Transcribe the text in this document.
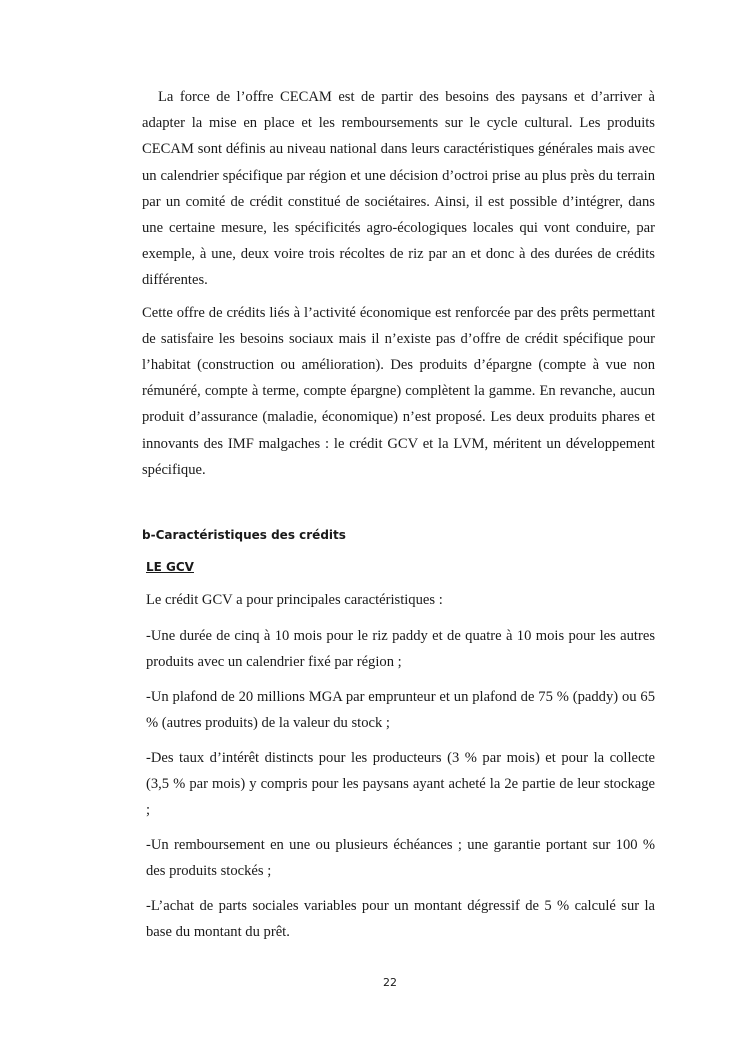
La force de l’offre CECAM est de partir des besoins des paysans et d’arriver à adapter la mise en place et les remboursements sur le cycle cultural. Les produits CECAM sont définis au niveau national dans leurs caractéristiques générales mais avec un calendrier spécifique par région et une décision d’octroi prise au plus près du terrain par un comité de crédit constitué de sociétaires. Ainsi, il est possible d’intégrer, dans une certaine mesure, les spécificités agro-écologiques locales qui vont conduire, par exemple, à une, deux voire trois récoltes de riz par an et donc à des durées de crédits différentes.

Cette offre de crédits liés à l’activité économique est renforcée par des prêts permettant de satisfaire les besoins sociaux mais il n’existe pas d’offre de crédit spécifique pour l’habitat (construction ou amélioration). Des produits d’épargne (compte à vue non rémunéré, compte à terme, compte épargne) complètent la gamme. En revanche, aucun produit d’assurance (maladie, économique) n’est proposé. Les deux produits phares et innovants des IMF malgaches : le crédit GCV et la LVM, méritent un développement spécifique.

b-Caractéristiques des crédits

LE GCV

Le crédit GCV a pour principales caractéristiques :

-Une durée de cinq à 10 mois pour le riz paddy et de quatre à 10 mois pour les autres produits avec un calendrier fixé par région ;

-Un plafond de 20 millions MGA par emprunteur et un plafond de 75 % (paddy) ou 65 % (autres produits) de la valeur du stock ;

-Des taux d’intérêt distincts pour les producteurs (3 % par mois) et pour la collecte (3,5 % par mois) y compris pour les paysans ayant acheté la 2e partie de leur stockage ;

-Un remboursement en une ou plusieurs échéances ; une garantie portant sur 100 % des produits stockés ;

-L’achat de parts sociales variables pour un montant dégressif de 5 % calculé sur la base du montant du prêt.

22
